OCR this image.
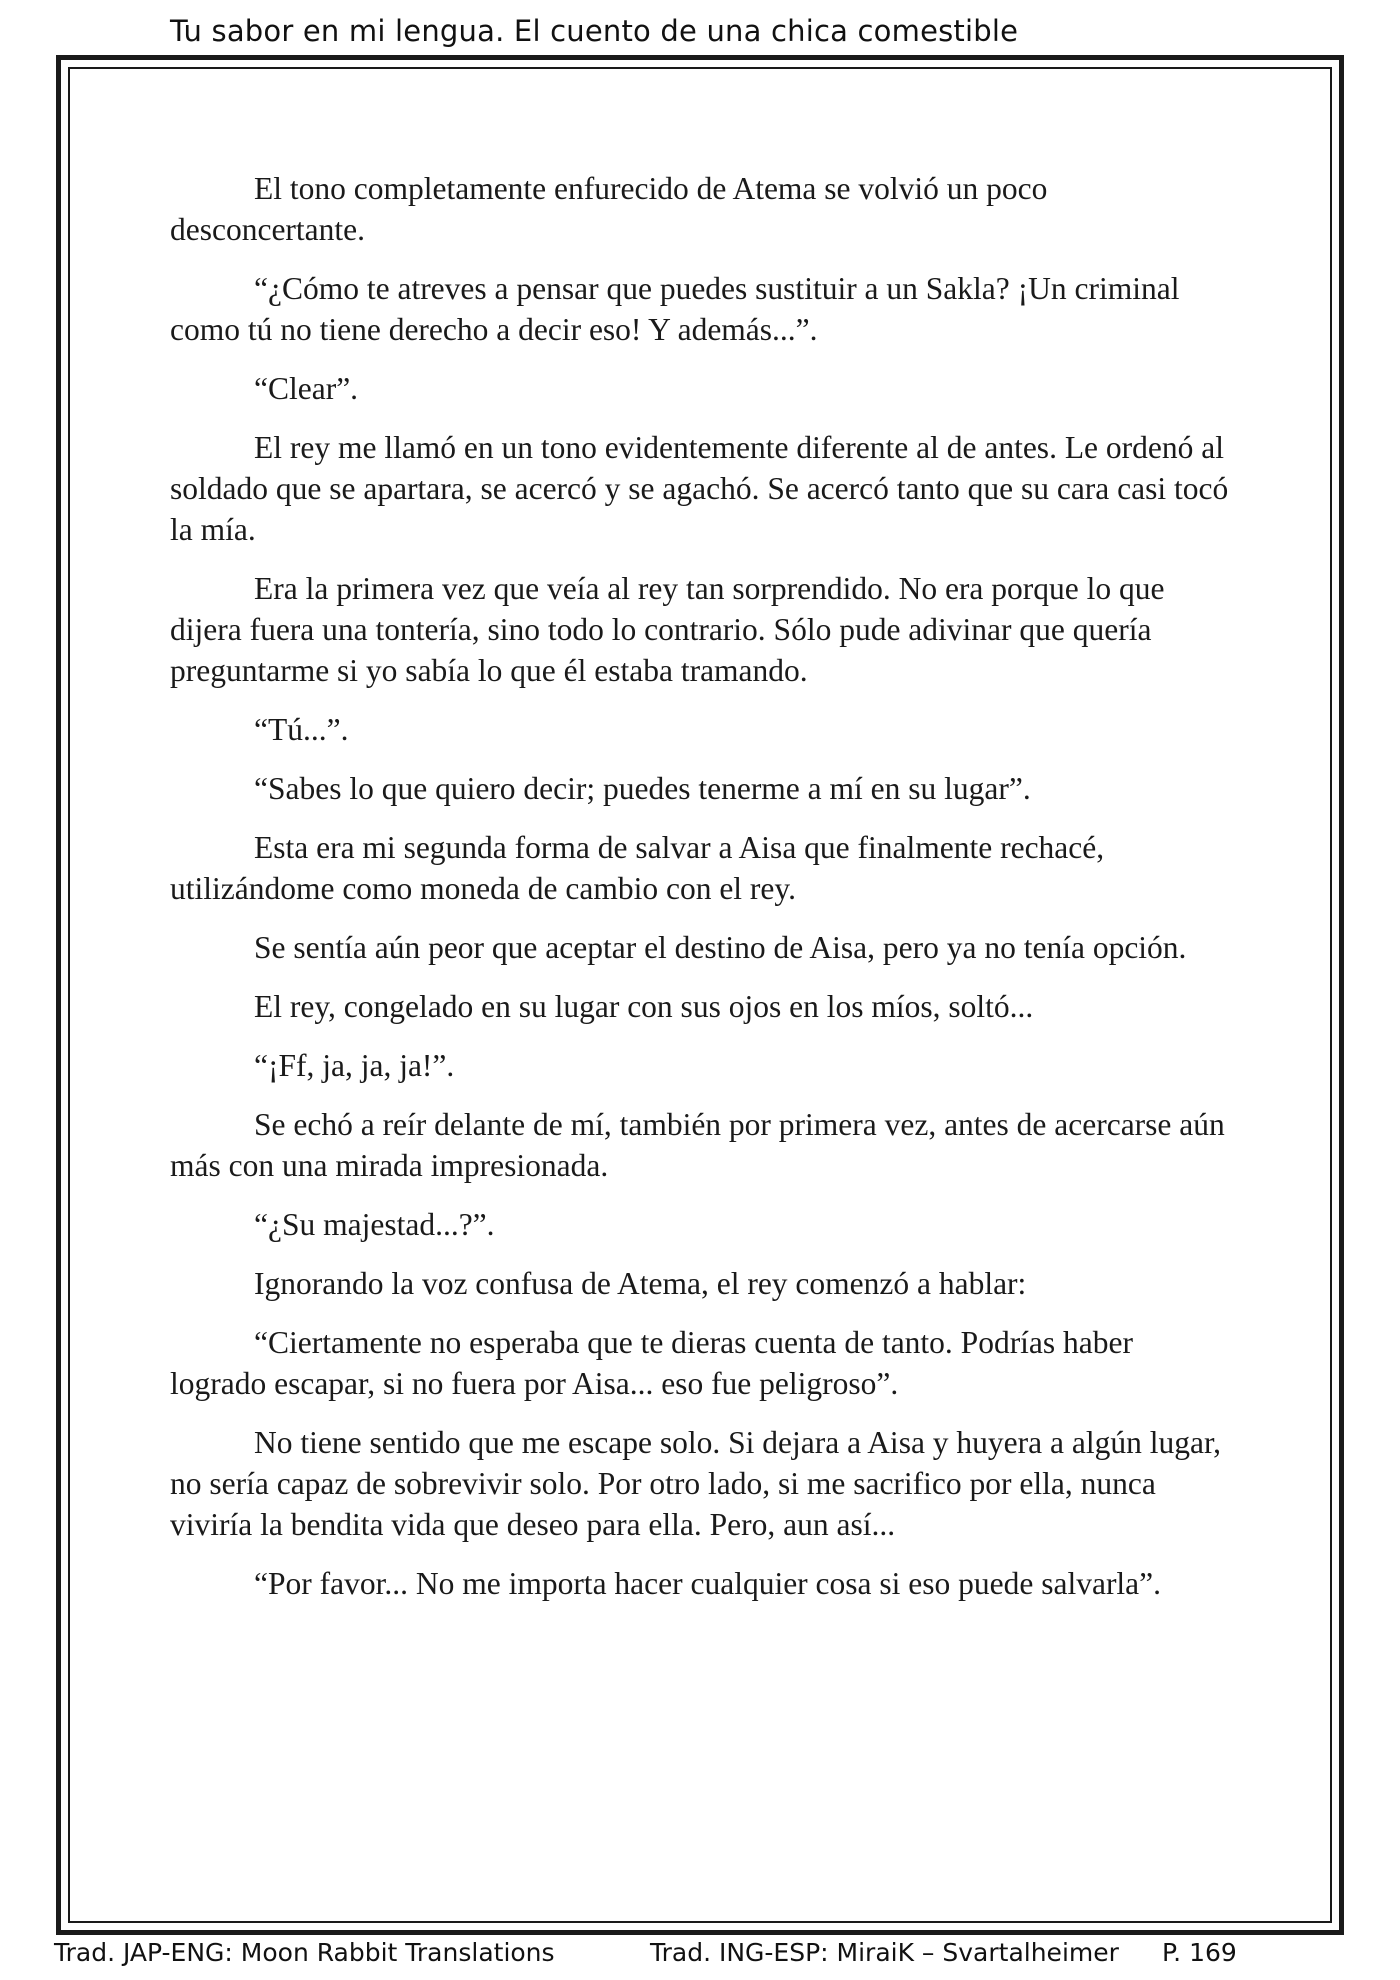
Tu sabor en mi lengua. El cuento de una chica comestible

El tono completamente enfurecido de Atema se volvió un poco desconcertante.

“¿Cómo te atreves a pensar que puedes sustituir a un Sakla? ¡Un criminal como tú no tiene derecho a decir eso! Y además...”.

“Clear”.

El rey me llamó en un tono evidentemente diferente al de antes. Le ordenó al soldado que se apartara, se acercó y se agachó. Se acercó tanto que su cara casi tocó la mía.

Era la primera vez que veía al rey tan sorprendido. No era porque lo que dijera fuera una tontería, sino todo lo contrario. Sólo pude adivinar que quería preguntarme si yo sabía lo que él estaba tramando.

“Tú...”.

“Sabes lo que quiero decir; puedes tenerme a mí en su lugar”.

Esta era mi segunda forma de salvar a Aisa que finalmente rechacé, utilizándome como moneda de cambio con el rey.

Se sentía aún peor que aceptar el destino de Aisa, pero ya no tenía opción.

El rey, congelado en su lugar con sus ojos en los míos, soltó...

“¡Ff, ja, ja, ja!”.

Se echó a reír delante de mí, también por primera vez, antes de acercarse aún más con una mirada impresionada.

“¿Su majestad...?”.

Ignorando la voz confusa de Atema, el rey comenzó a hablar:

“Ciertamente no esperaba que te dieras cuenta de tanto. Podrías haber logrado escapar, si no fuera por Aisa... eso fue peligroso”.

No tiene sentido que me escape solo. Si dejara a Aisa y huyera a algún lugar, no sería capaz de sobrevivir solo. Por otro lado, si me sacrifico por ella, nunca viviría la bendita vida que deseo para ella. Pero, aun así...

“Por favor... No me importa hacer cualquier cosa si eso puede salvarla”.

Trad. JAP-ENG: Moon Rabbit Translations	Trad. ING-ESP: MiraiK – Svartalheimer P. 169
